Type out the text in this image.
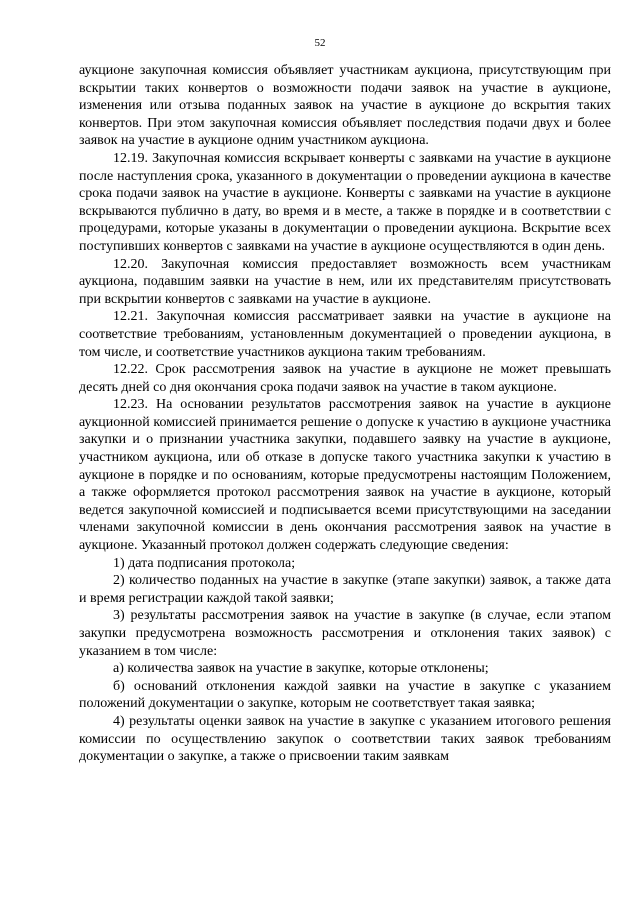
52

аукционе закупочная комиссия объявляет участникам аукциона, присутствующим при вскрытии таких конвертов о возможности подачи заявок на участие в аукционе, изменения или отзыва поданных заявок на участие в аукционе до вскрытия таких конвертов. При этом закупочная комиссия объявляет последствия подачи двух и более заявок на участие в аукционе одним участником аукциона.

12.19. Закупочная комиссия вскрывает конверты с заявками на участие в аукционе после наступления срока, указанного в документации о проведении аукциона в качестве срока подачи заявок на участие в аукционе. Конверты с заявками на участие в аукционе вскрываются публично в дату, во время и в месте, а также в порядке и в соответствии с процедурами, которые указаны в документации о проведении аукциона. Вскрытие всех поступивших конвертов с заявками на участие в аукционе осуществляются в один день.

12.20. Закупочная комиссия предоставляет возможность всем участникам аукциона, подавшим заявки на участие в нем, или их представителям присутствовать при вскрытии конвертов с заявками на участие в аукционе.

12.21. Закупочная комиссия рассматривает заявки на участие в аукционе на соответствие требованиям, установленным документацией о проведении аукциона, в том числе, и соответствие участников аукциона таким требованиям.

12.22. Срок рассмотрения заявок на участие в аукционе не может превышать десять дней со дня окончания срока подачи заявок на участие в таком аукционе.

12.23. На основании результатов рассмотрения заявок на участие в аукционе аукционной комиссией принимается решение о допуске к участию в аукционе участника закупки и о признании участника закупки, подавшего заявку на участие в аукционе, участником аукциона, или об отказе в допуске такого участника закупки к участию в аукционе в порядке и по основаниям, которые предусмотрены настоящим Положением, а также оформляется протокол рассмотрения заявок на участие в аукционе, который ведется закупочной комиссией и подписывается всеми присутствующими на заседании членами закупочной комиссии в день окончания рассмотрения заявок на участие в аукционе. Указанный протокол должен содержать следующие сведения:

1) дата подписания протокола;

2) количество поданных на участие в закупке (этапе закупки) заявок, а также дата и время регистрации каждой такой заявки;

3) результаты рассмотрения заявок на участие в закупке (в случае, если этапом закупки предусмотрена возможность рассмотрения и отклонения таких заявок) с указанием в том числе:

а) количества заявок на участие в закупке, которые отклонены;

б) оснований отклонения каждой заявки на участие в закупке с указанием положений документации о закупке, которым не соответствует такая заявка;

4) результаты оценки заявок на участие в закупке с указанием итогового решения комиссии по осуществлению закупок о соответствии таких заявок требованиям документации о закупке, а также о присвоении таким заявкам
